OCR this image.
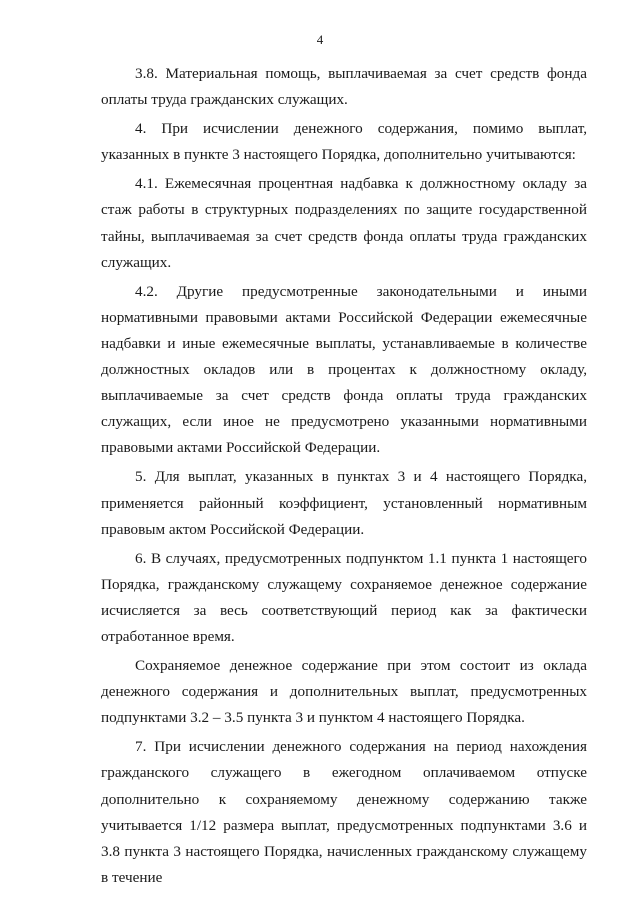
4

3.8. Материальная помощь, выплачиваемая за счет средств фонда оплаты труда гражданских служащих.

4. При исчислении денежного содержания, помимо выплат, указанных в пункте 3 настоящего Порядка, дополнительно учитываются:

4.1. Ежемесячная процентная надбавка к должностному окладу за стаж работы в структурных подразделениях по защите государственной тайны, выплачиваемая за счет средств фонда оплаты труда гражданских служащих.

4.2. Другие предусмотренные законодательными и иными нормативными правовыми актами Российской Федерации ежемесячные надбавки и иные ежемесячные выплаты, устанавливаемые в количестве должностных окладов или в процентах к должностному окладу, выплачиваемые за счет средств фонда оплаты труда гражданских служащих, если иное не предусмотрено указанными нормативными правовыми актами Российской Федерации.

5. Для выплат, указанных в пунктах 3 и 4 настоящего Порядка, применяется районный коэффициент, установленный нормативным правовым актом Российской Федерации.

6. В случаях, предусмотренных подпунктом 1.1 пункта 1 настоящего Порядка, гражданскому служащему сохраняемое денежное содержание исчисляется за весь соответствующий период как за фактически отработанное время.

Сохраняемое денежное содержание при этом состоит из оклада денежного содержания и дополнительных выплат, предусмотренных подпунктами 3.2 – 3.5 пункта 3 и пунктом 4 настоящего Порядка.

7. При исчислении денежного содержания на период нахождения гражданского служащего в ежегодном оплачиваемом отпуске дополнительно к сохраняемому денежному содержанию также учитывается 1/12 размера выплат, предусмотренных подпунктами 3.6 и 3.8 пункта 3 настоящего Порядка, начисленных гражданскому служащему в течение
